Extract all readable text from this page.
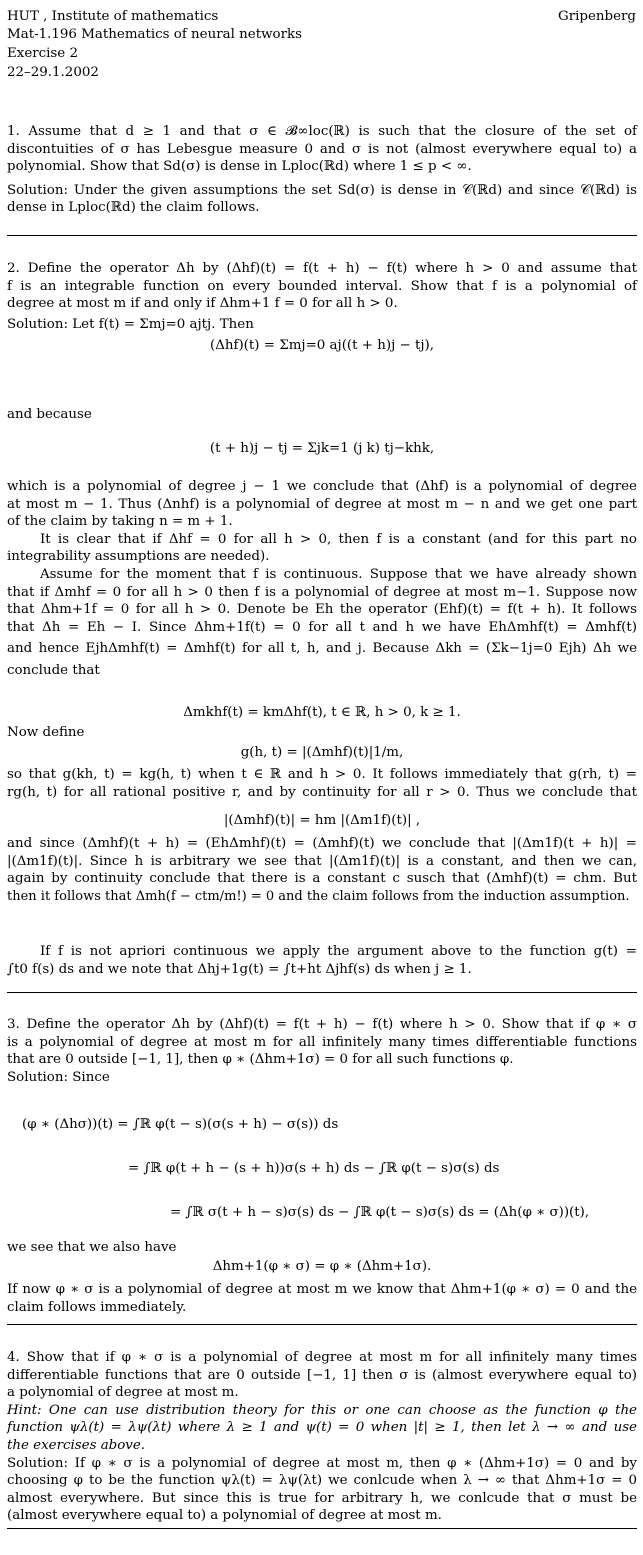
HUT , Institute of mathematics
Mat-1.196 Mathematics of neural networks
Exercise 2
22–29.1.2002
Gripenberg
1. Assume that d ≥ 1 and that σ ∈ 𝓑∞loc(ℝ) is such that the closure of the set of
discontuities of σ has Lebesgue measure 0 and σ is not (almost everywhere equal to) a
polynomial. Show that Sd(σ) is dense in Lploc(ℝd) where 1 ≤ p < ∞.
Solution: Under the given assumptions the set Sd(σ) is dense in 𝒞(ℝd) and since 𝒞(ℝd) is
dense in Lploc(ℝd) the claim follows.
2. Define the operator Δh by (Δhf)(t) = f(t + h) − f(t) where h > 0 and assume that
f is an integrable function on every bounded interval. Show that f is a polynomial of
degree at most m if and only if Δhm+1 f = 0 for all h > 0.
Solution: Let f(t) = Σmj=0 ajtj. Then
(Δhf)(t) = Σmj=0 aj((t + h)j − tj),
and because
(t + h)j − tj = Σjk=1 (j k) tj−khk,
which is a polynomial of degree j − 1 we conclude that (Δhf) is a polynomial of degree
at most m − 1. Thus (Δnhf) is a polynomial of degree at most m − n and we get one part
of the claim by taking n = m + 1.
It is clear that if Δhf = 0 for all h > 0, then f is a constant (and for this part no
integrability assumptions are needed).
Assume for the moment that f is continuous. Suppose that we have already shown
that if Δmhf = 0 for all h > 0 then f is a polynomial of degree at most m−1. Suppose now
that Δhm+1f = 0 for all h > 0. Denote be Eh the operator (Ehf)(t) = f(t + h). It follows
that Δh = Eh − I. Since Δhm+1f(t) = 0 for all t and h we have EhΔmhf(t) = Δmhf(t)
and hence EjhΔmhf(t) = Δmhf(t) for all t, h, and j. Because Δkh = (Σk−1j=0 Ejh) Δh we
conclude that
Δmkhf(t) = kmΔhf(t), t ∈ ℝ, h > 0, k ≥ 1.
Now define
g(h, t) = |(Δmhf)(t)|1/m,
so that g(kh, t) = kg(h, t) when t ∈ ℝ and h > 0. It follows immediately that g(rh, t) =
rg(h, t) for all rational positive r, and by continuity for all r > 0. Thus we conclude that
|(Δmhf)(t)| = hm |(Δm1f)(t)| ,
and since (Δmhf)(t + h) = (EhΔmhf)(t) = (Δmhf)(t) we conclude that |(Δm1f)(t + h)| =
|(Δm1f)(t)|. Since h is arbitrary we see that |(Δm1f)(t)| is a constant, and then we can,
again by continuity conclude that there is a constant c susch that (Δmhf)(t) = chm. But
then it follows that Δmh(f − ctm/m!) = 0 and the claim follows from the induction assumption.
If f is not apriori continuous we apply the argument above to the function g(t) =
∫t0 f(s) ds and we note that Δhj+1g(t) = ∫t+ht Δjhf(s) ds when j ≥ 1.
3. Define the operator Δh by (Δhf)(t) = f(t + h) − f(t) where h > 0. Show that if φ ∗ σ
is a polynomial of degree at most m for all infinitely many times differentiable functions
that are 0 outside [−1, 1], then φ ∗ (Δhm+1σ) = 0 for all such functions φ.
Solution: Since
(φ ∗ (Δhσ))(t) = ∫ℝ φ(t − s)(σ(s + h) − σ(s)) ds
= ∫ℝ φ(t + h − (s + h))σ(s + h) ds − ∫ℝ φ(t − s)σ(s) ds
= ∫ℝ σ(t + h − s)σ(s) ds − ∫ℝ φ(t − s)σ(s) ds = (Δh(φ ∗ σ))(t),
we see that we also have
Δhm+1(φ ∗ σ) = φ ∗ (Δhm+1σ).
If now φ ∗ σ is a polynomial of degree at most m we know that Δhm+1(φ ∗ σ) = 0 and the
claim follows immediately.
4. Show that if φ ∗ σ is a polynomial of degree at most m for all infinitely many times
differentiable functions that are 0 outside [−1, 1] then σ is (almost everywhere equal to)
a polynomial of degree at most m.
Hint: One can use distribution theory for this or one can choose as the function φ the
function ψλ(t) = λψ(λt) where λ ≥ 1 and ψ(t) = 0 when |t| ≥ 1, then let λ → ∞ and use
the exercises above.
Solution: If φ ∗ σ is a polynomial of degree at most m, then φ ∗ (Δhm+1σ) = 0 and by
choosing φ to be the function ψλ(t) = λψ(λt) we conlcude when λ → ∞ that Δhm+1σ = 0
almost everywhere. But since this is true for arbitrary h, we conlcude that σ must be
(almost everywhere equal to) a polynomial of degree at most m.
